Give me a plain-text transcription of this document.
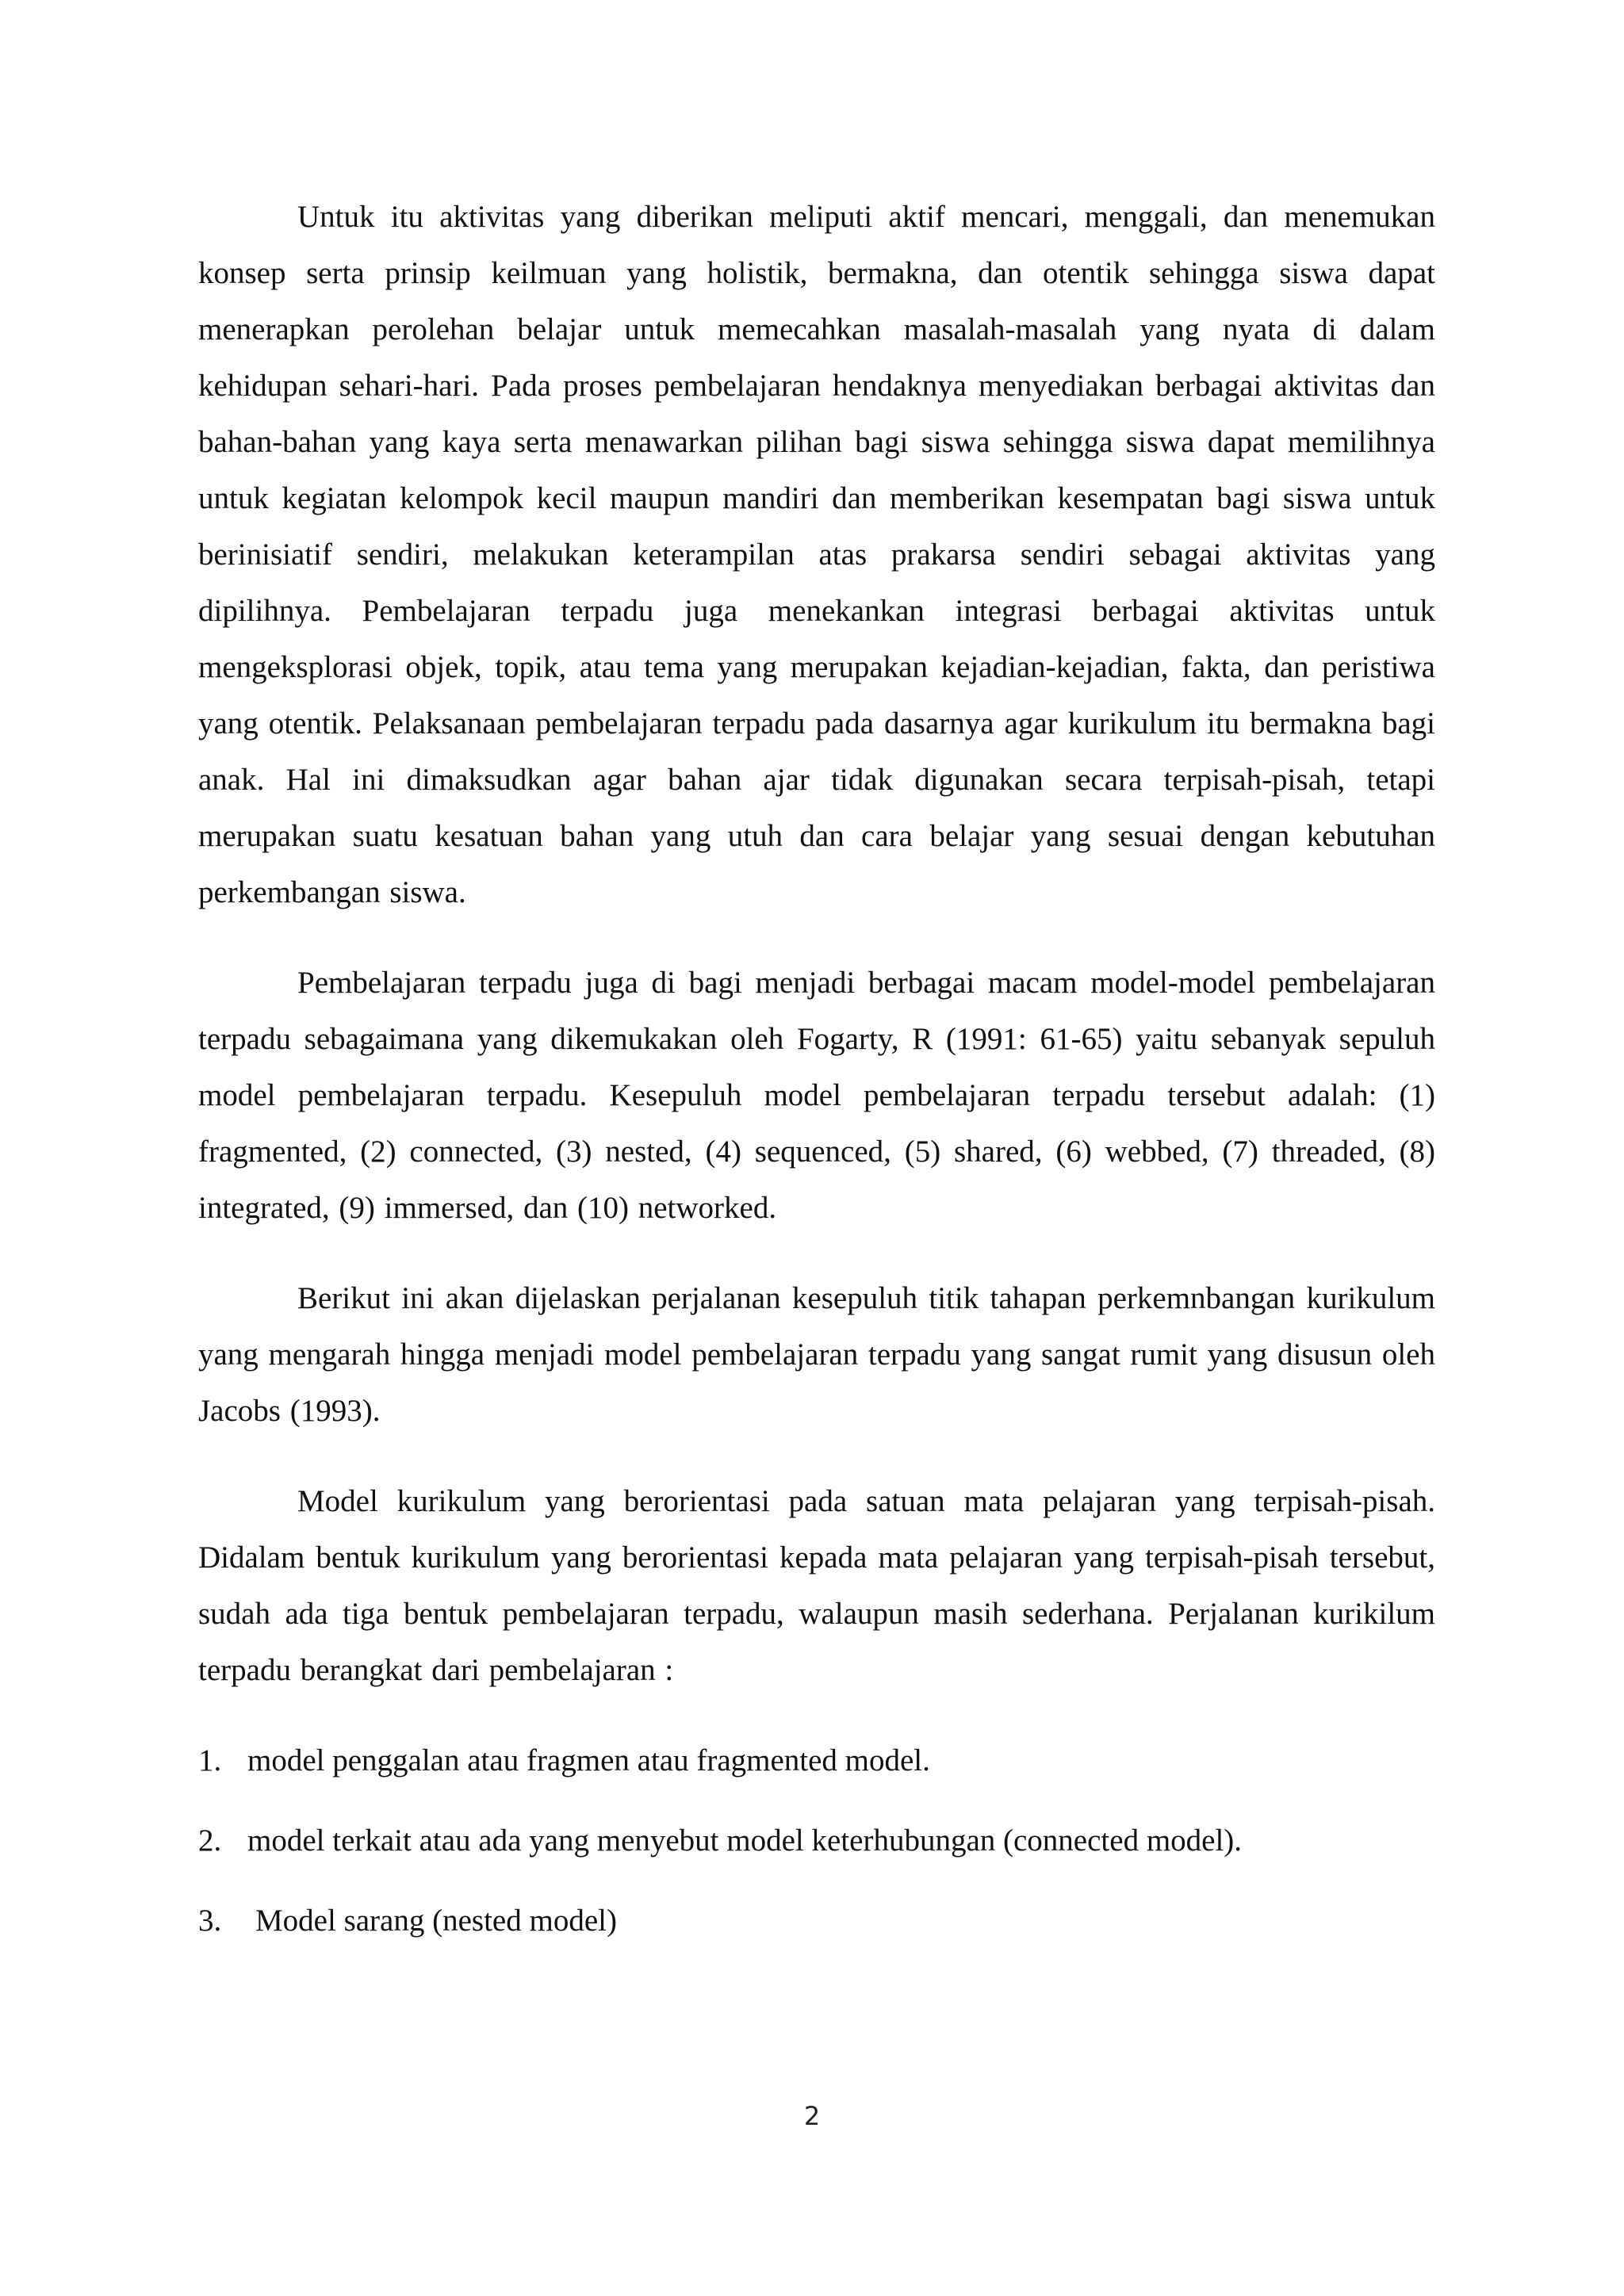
Untuk itu aktivitas yang diberikan meliputi aktif mencari, menggali, dan menemukan konsep serta prinsip keilmuan yang holistik, bermakna, dan otentik sehingga siswa dapat menerapkan perolehan belajar untuk memecahkan masalah-masalah yang nyata di dalam kehidupan sehari-hari. Pada proses pembelajaran hendaknya menyediakan berbagai aktivitas dan bahan-bahan yang kaya serta menawarkan pilihan bagi siswa sehingga siswa dapat memilihnya untuk kegiatan kelompok kecil maupun mandiri dan memberikan kesempatan bagi siswa untuk berinisiatif sendiri, melakukan keterampilan atas prakarsa sendiri sebagai aktivitas yang dipilihnya. Pembelajaran terpadu juga menekankan integrasi berbagai aktivitas untuk mengeksplorasi objek, topik, atau tema yang merupakan kejadian-kejadian, fakta, dan peristiwa yang otentik. Pelaksanaan pembelajaran terpadu pada dasarnya agar kurikulum itu bermakna bagi anak. Hal ini dimaksudkan agar bahan ajar tidak digunakan secara terpisah-pisah, tetapi merupakan suatu kesatuan bahan yang utuh dan cara belajar yang sesuai dengan kebutuhan perkembangan siswa.

Pembelajaran terpadu juga di bagi menjadi berbagai macam model-model pembelajaran terpadu sebagaimana yang dikemukakan oleh Fogarty, R (1991: 61-65) yaitu sebanyak sepuluh model pembelajaran terpadu. Kesepuluh model pembelajaran terpadu tersebut adalah: (1) fragmented, (2) connected, (3) nested, (4) sequenced, (5) shared, (6) webbed, (7) threaded, (8) integrated, (9) immersed, dan (10) networked.

Berikut ini akan dijelaskan perjalanan kesepuluh titik tahapan perkemnbangan kurikulum yang mengarah hingga menjadi model pembelajaran terpadu yang sangat rumit yang disusun oleh Jacobs (1993).

Model kurikulum yang berorientasi pada satuan mata pelajaran yang terpisah-pisah. Didalam bentuk kurikulum yang berorientasi kepada mata pelajaran yang terpisah-pisah tersebut, sudah ada tiga bentuk pembelajaran terpadu, walaupun masih sederhana. Perjalanan kurikilum terpadu berangkat dari pembelajaran :

1. model penggalan atau fragmen atau fragmented model.
2. model terkait atau ada yang menyebut model keterhubungan (connected model).
3.	Model sarang (nested model)
2
